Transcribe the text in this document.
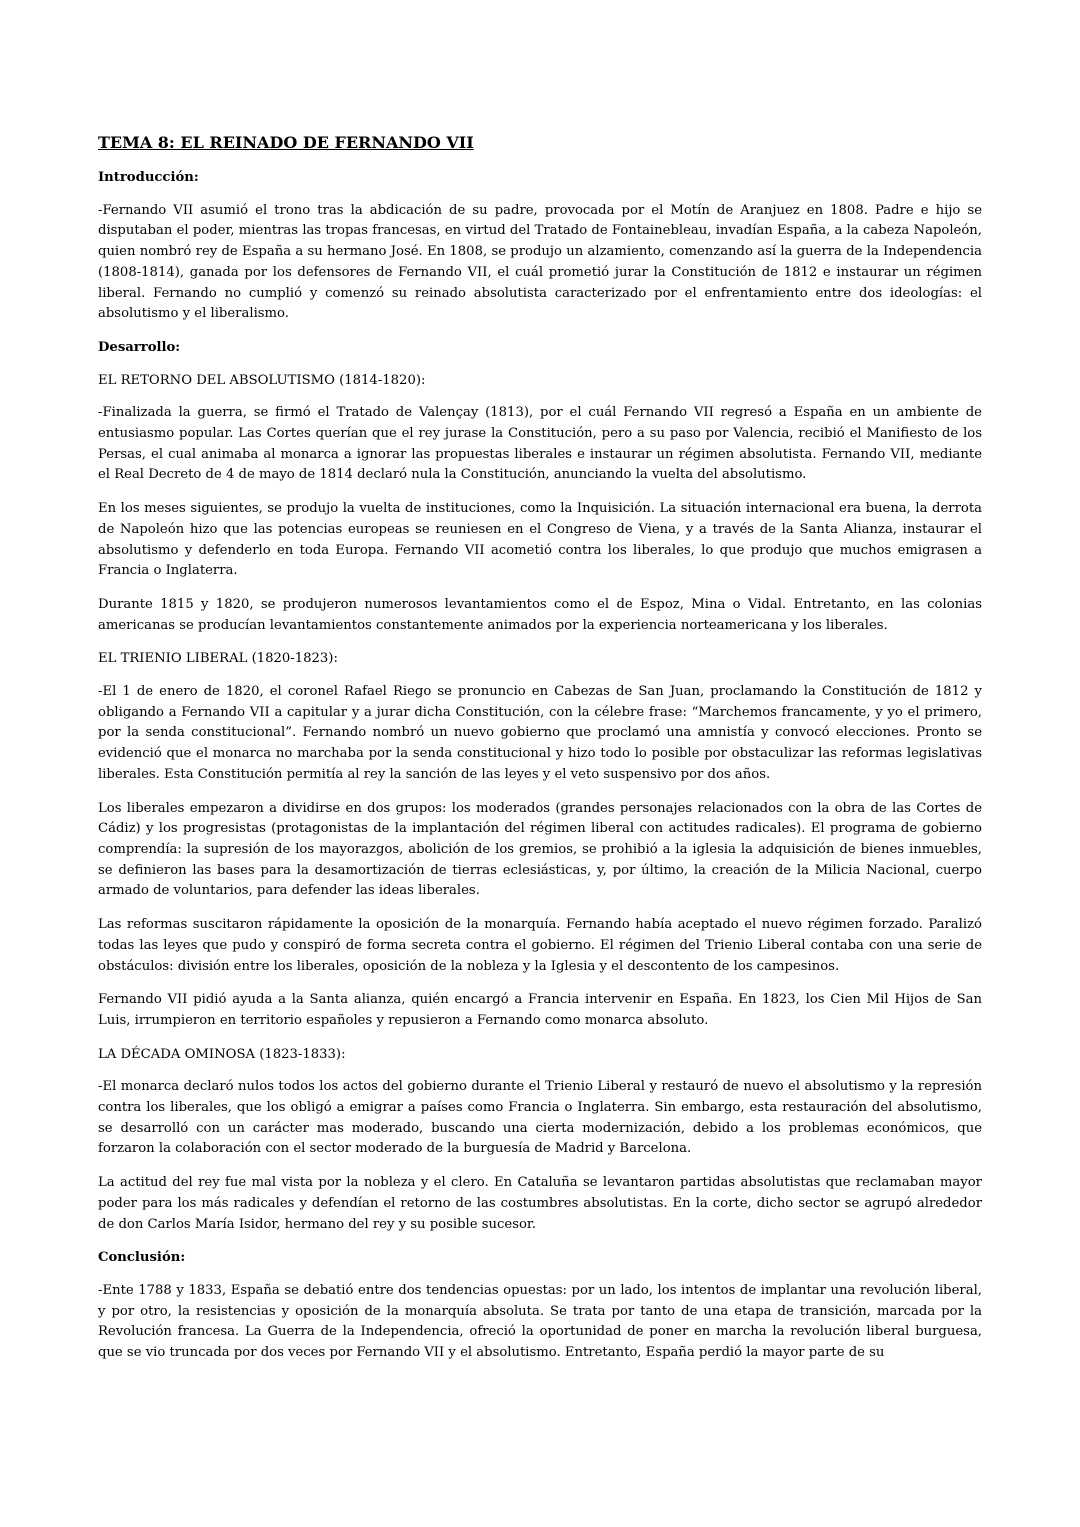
TEMA 8: EL REINADO DE FERNANDO VII
Introducción:

-Fernando VII asumió el trono tras la abdicación de su padre, provocada por el Motín de Aranjuez en 1808. Padre e hijo se disputaban el poder, mientras las tropas francesas, en virtud del Tratado de Fontainebleau, invadían España, a la cabeza Napoleón, quien nombró rey de España a su hermano José. En 1808, se produjo un alzamiento, comenzando así la guerra de la Independencia (1808-1814), ganada por los defensores de Fernando VII, el cuál prometió jurar la Constitución de 1812 e instaurar un régimen liberal. Fernando no cumplió y comenzó su reinado absolutista caracterizado por el enfrentamiento entre dos ideologías: el absolutismo y el liberalismo.

Desarrollo:
EL RETORNO DEL ABSOLUTISMO (1814-1820):

-Finalizada la guerra, se firmó el Tratado de Valençay (1813), por el cuál Fernando VII regresó a España en un ambiente de entusiasmo popular. Las Cortes querían que el rey jurase la Constitución, pero a su paso por Valencia, recibió el Manifiesto de los Persas, el cual animaba al monarca a ignorar las propuestas liberales e instaurar un régimen absolutista. Fernando VII, mediante el Real Decreto de 4 de mayo de 1814 declaró nula la Constitución, anunciando la vuelta del absolutismo.

En los meses siguientes, se produjo la vuelta de instituciones, como la Inquisición. La situación internacional era buena, la derrota de Napoleón hizo que las potencias europeas se reuniesen en el Congreso de Viena, y a través de la Santa Alianza, instaurar el absolutismo y defenderlo en toda Europa. Fernando VII acometió contra los liberales, lo que produjo que muchos emigrasen a Francia o Inglaterra.

Durante 1815 y 1820, se produjeron numerosos levantamientos como el de Espoz, Mina o Vidal. Entretanto, en las colonias americanas se producían levantamientos constantemente animados por la experiencia norteamericana y los liberales.

EL TRIENIO LIBERAL (1820-1823):

-El 1 de enero de 1820, el coronel Rafael Riego se pronuncio en Cabezas de San Juan, proclamando la Constitución de 1812 y obligando a Fernando VII a capitular y a jurar dicha Constitución, con la célebre frase: “Marchemos francamente, y yo el primero, por la senda constitucional”. Fernando nombró un nuevo gobierno que proclamó una amnistía y convocó elecciones. Pronto se evidenció que el monarca no marchaba por la senda constitucional y hizo todo lo posible por obstaculizar las reformas legislativas liberales. Esta Constitución permitía al rey la sanción de las leyes y el veto suspensivo por dos años.

Los liberales empezaron a dividirse en dos grupos: los moderados (grandes personajes relacionados con la obra de las Cortes de Cádiz) y los progresistas (protagonistas de la implantación del régimen liberal con actitudes radicales). El programa de gobierno comprendía: la supresión de los mayorazgos, abolición de los gremios, se prohibió a la iglesia la adquisición de bienes inmuebles, se definieron las bases para la desamortización de tierras eclesiásticas, y, por último, la creación de la Milicia Nacional, cuerpo armado de voluntarios, para defender las ideas liberales.

Las reformas suscitaron rápidamente la oposición de la monarquía. Fernando había aceptado el nuevo régimen forzado. Paralizó todas las leyes que pudo y conspiró de forma secreta contra el gobierno. El régimen del Trienio Liberal contaba con una serie de obstáculos: división entre los liberales, oposición de la nobleza y la Iglesia y el descontento de los campesinos.

Fernando VII pidió ayuda a la Santa alianza, quién encargó a Francia intervenir en España. En 1823, los Cien Mil Hijos de San Luis, irrumpieron en territorio españoles y repusieron a Fernando como monarca absoluto.

LA DÉCADA OMINOSA (1823-1833):

-El monarca declaró nulos todos los actos del gobierno durante el Trienio Liberal y restauró de nuevo el absolutismo y la represión contra los liberales, que los obligó a emigrar a países como Francia o Inglaterra. Sin embargo, esta restauración del absolutismo, se desarrolló con un carácter mas moderado, buscando una cierta modernización, debido a los problemas económicos, que forzaron la colaboración con el sector moderado de la burguesía de Madrid y Barcelona.

La actitud del rey fue mal vista por la nobleza y el clero. En Cataluña se levantaron partidas absolutistas que reclamaban mayor poder para los más radicales y defendían el retorno de las costumbres absolutistas. En la corte, dicho sector se agrupó alrededor de don Carlos María Isidor, hermano del rey y su posible sucesor.

Conclusión:

-Ente 1788 y 1833, España se debatió entre dos tendencias opuestas: por un lado, los intentos de implantar una revolución liberal, y por otro, la resistencias y oposición de la monarquía absoluta. Se trata por tanto de una etapa de transición, marcada por la Revolución francesa. La Guerra de la Independencia, ofreció la oportunidad de poner en marcha la revolución liberal burguesa, que se vio truncada por dos veces por Fernando VII y el absolutismo. Entretanto, España perdió la mayor parte de su
